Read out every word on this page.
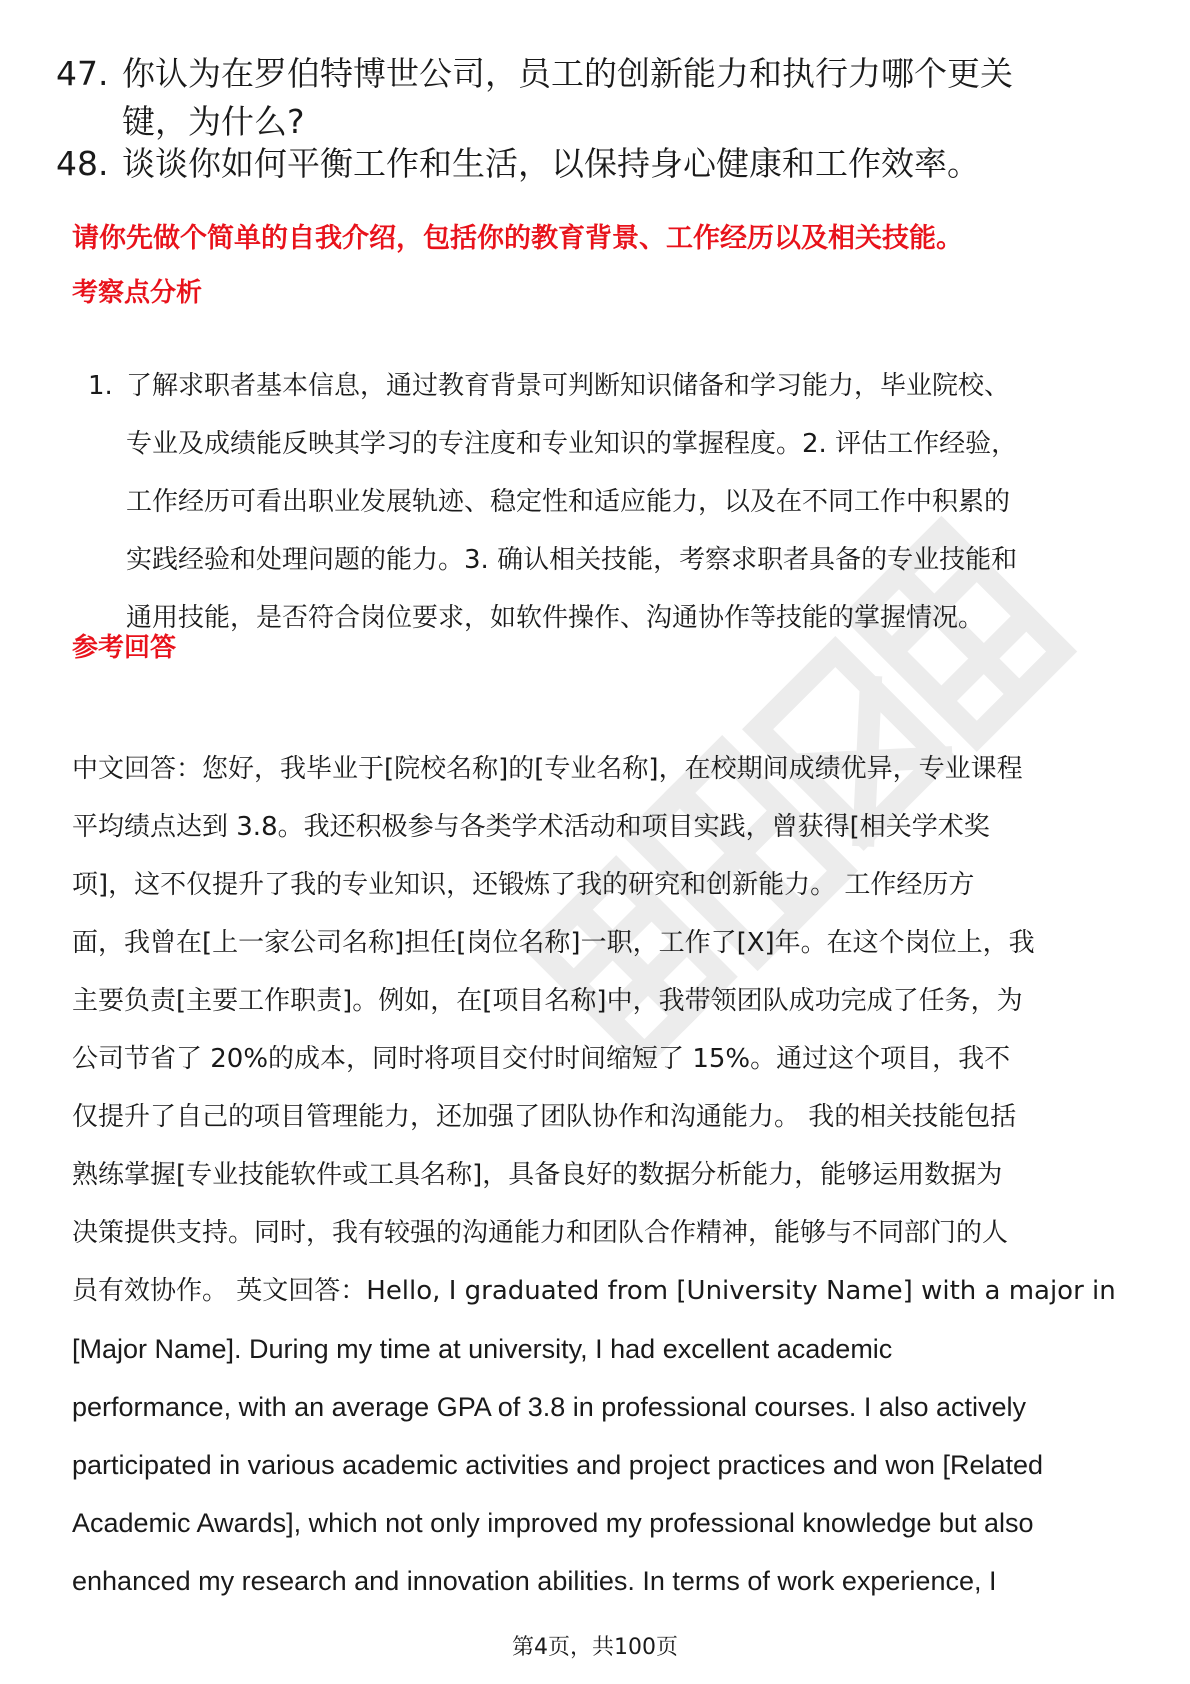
47. 你认为在罗伯特博世公司，员工的创新能力和执行力哪个更关
键，为什么?
48. 谈谈你如何平衡工作和生活，以保持身心健康和工作效率。
请你先做个简单的自我介绍，包括你的教育背景、工作经历以及相关技能。
考察点分析
1. 了解求职者基本信息，通过教育背景可判断知识储备和学习能力，毕业院校、
专业及成绩能反映其学习的专注度和专业知识的掌握程度。2. 评估工作经验，
工作经历可看出职业发展轨迹、稳定性和适应能力，以及在不同工作中积累的
实践经验和处理问题的能力。3. 确认相关技能，考察求职者具备的专业技能和
通用技能，是否符合岗位要求，如软件操作、沟通协作等技能的掌握情况。
参考回答
中文回答：您好，我毕业于[院校名称]的[专业名称]，在校期间成绩优异，专业课程
平均绩点达到 3.8。我还积极参与各类学术活动和项目实践，曾获得[相关学术奖
项]，这不仅提升了我的专业知识，还锻炼了我的研究和创新能力。 工作经历方
面，我曾在[上一家公司名称]担任[岗位名称]一职，工作了[X]年。在这个岗位上，我
主要负责[主要工作职责]。例如，在[项目名称]中，我带领团队成功完成了任务，为
公司节省了 20%的成本，同时将项目交付时间缩短了 15%。通过这个项目，我不
仅提升了自己的项目管理能力，还加强了团队协作和沟通能力。 我的相关技能包括
熟练掌握[专业技能软件或工具名称]，具备良好的数据分析能力，能够运用数据为
决策提供支持。同时，我有较强的沟通能力和团队合作精神，能够与不同部门的人
员有效协作。 英文回答：Hello, I graduated from [University Name] with a major in
[Major Name]. During my time at university, I had excellent academic
performance, with an average GPA of 3.8 in professional courses. I also actively
participated in various academic activities and project practices and won [Related
Academic Awards], which not only improved my professional knowledge but also
enhanced my research and innovation abilities. In terms of work experience, I
第4页，共100页
